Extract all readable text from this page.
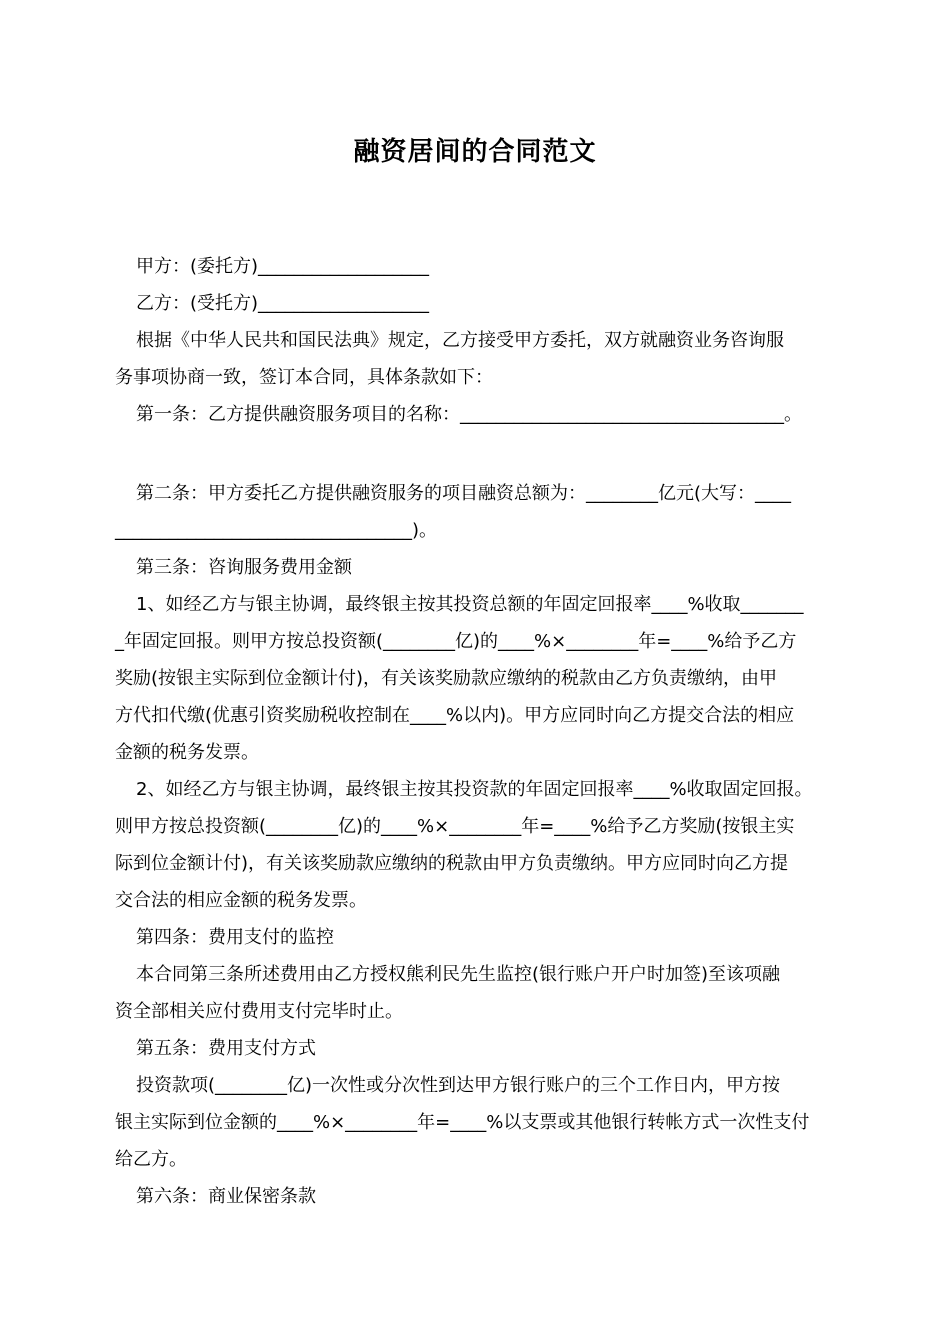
融资居间的合同范文
甲方：(委托方)___________________
乙方：(受托方)___________________
根据《中华人民共和国民法典》规定，乙方接受甲方委托，双方就融资业务咨询服
务事项协商一致，签订本合同，具体条款如下：
第一条：乙方提供融资服务项目的名称：____________________________________。
第二条：甲方委托乙方提供融资服务的项目融资总额为：________亿元(大写：____
_________________________________)。
第三条：咨询服务费用金额
1、如经乙方与银主协调，最终银主按其投资总额的年固定回报率____%收取_______
_年固定回报。则甲方按总投资额(________亿)的____%×________年=____%给予乙方
奖励(按银主实际到位金额计付)，有关该奖励款应缴纳的税款由乙方负责缴纳，由甲
方代扣代缴(优惠引资奖励税收控制在____%以内)。甲方应同时向乙方提交合法的相应
金额的税务发票。
2、如经乙方与银主协调，最终银主按其投资款的年固定回报率____%收取固定回报。
则甲方按总投资额(________亿)的____%×________年=____%给予乙方奖励(按银主实
际到位金额计付)，有关该奖励款应缴纳的税款由甲方负责缴纳。甲方应同时向乙方提
交合法的相应金额的税务发票。
第四条：费用支付的监控
本合同第三条所述费用由乙方授权熊利民先生监控(银行账户开户时加签)至该项融
资全部相关应付费用支付完毕时止。
第五条：费用支付方式
投资款项(________亿)一次性或分次性到达甲方银行账户的三个工作日内，甲方按
银主实际到位金额的____%×________年=____%以支票或其他银行转帐方式一次性支付
给乙方。
第六条：商业保密条款
